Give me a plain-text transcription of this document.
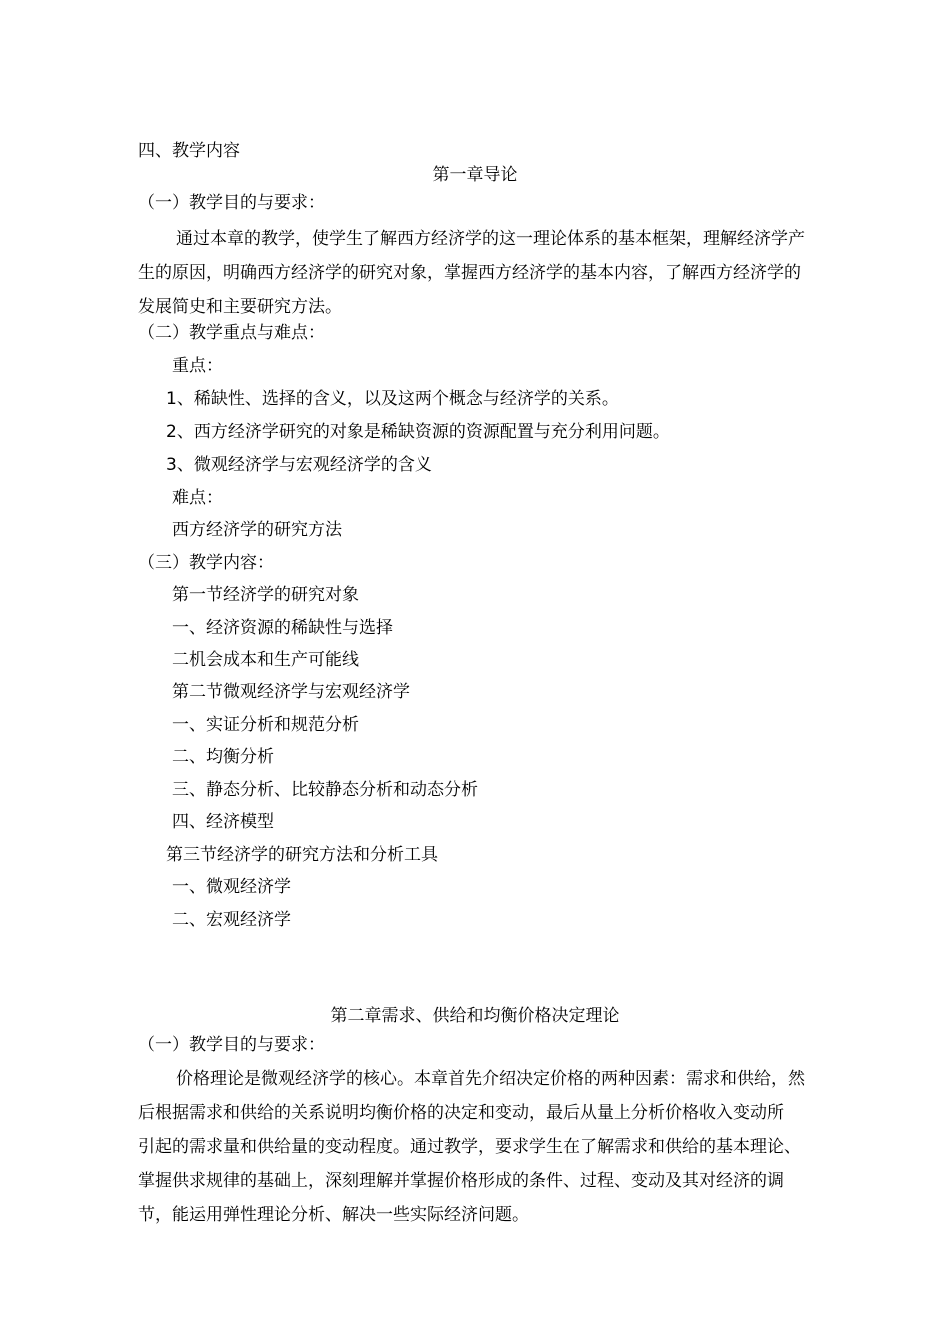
四、教学内容
第一章导论
（一）教学目的与要求：
通过本章的教学，使学生了解西方经济学的这一理论体系的基本框架，理解经济学产
生的原因，明确西方经济学的研究对象，掌握西方经济学的基本内容，了解西方经济学的
发展简史和主要研究方法。
（二）教学重点与难点：
重点：
1、稀缺性、选择的含义，以及这两个概念与经济学的关系。
2、西方经济学研究的对象是稀缺资源的资源配置与充分利用问题。
3、微观经济学与宏观经济学的含义
难点：
西方经济学的研究方法
（三）教学内容：
第一节经济学的研究对象
一、经济资源的稀缺性与选择
二机会成本和生产可能线
第二节微观经济学与宏观经济学
一、实证分析和规范分析
二、均衡分析
三、静态分析、比较静态分析和动态分析
四、经济模型
第三节经济学的研究方法和分析工具
一、微观经济学
二、宏观经济学
第二章需求、供给和均衡价格决定理论
（一）教学目的与要求：
价格理论是微观经济学的核心。本章首先介绍决定价格的两种因素：需求和供给，然
后根据需求和供给的关系说明均衡价格的决定和变动，最后从量上分析价格收入变动所
引起的需求量和供给量的变动程度。通过教学，要求学生在了解需求和供给的基本理论、
掌握供求规律的基础上，深刻理解并掌握价格形成的条件、过程、变动及其对经济的调
节，能运用弹性理论分析、解决一些实际经济问题。
